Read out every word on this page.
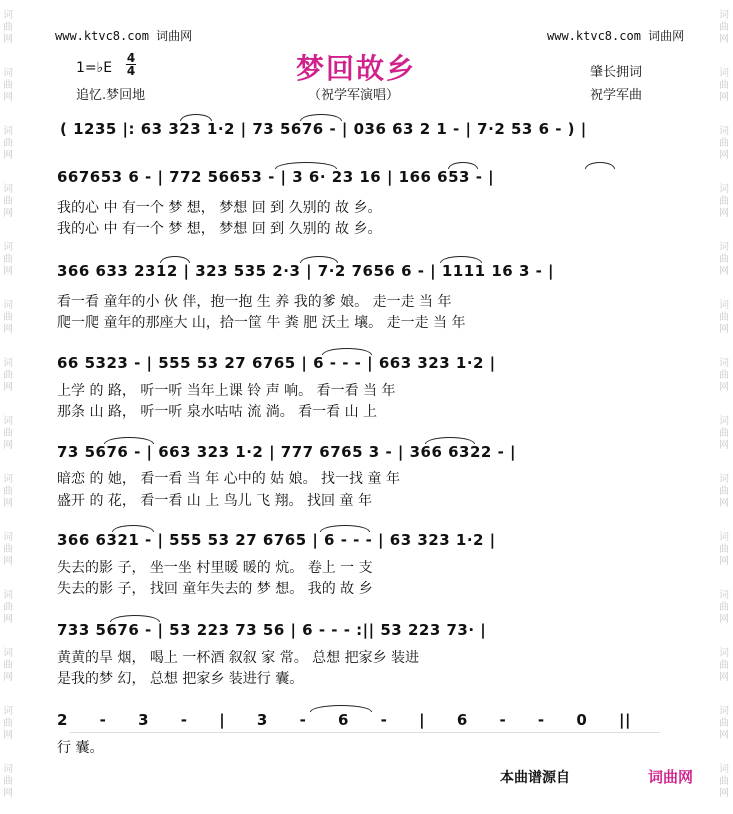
词
曲
网
词
曲
网
词
曲
网
词
曲
网
词
曲
网
词
曲
网
词
曲
网
词
曲
网
词
曲
网
词
曲
网
词
曲
网
词
曲
网
词
曲
网
词
曲
网
词
曲
网
词
曲
网
词
曲
网
词
曲
网
词
曲
网
词
曲
网
词
曲
网
词
曲
网
词
曲
网
词
曲
网
词
曲
网
词
曲
网
词
曲
网
词
曲
网
www.ktvc8.com 词曲网	www.ktvc8.com 词曲网
梦回故乡
1=♭E
4
4	肇长拥词
追忆.梦回地	（祝学军演唱）	祝学军曲
( 1235 |: 63 323 1·2 | 73 5676 - | 036 63 2 1 - | 7·2 53 6 - ) |
667653 6 - | 772 56653 - | 3 6· 23 16 | 166 653 - |
我的心 中 有一个 梦 想， 梦想 回 到 久别的 故 乡。
我的心 中 有一个 梦 想， 梦想 回 到 久别的 故 乡。
366 633 2312 | 323 535 2·3 | 7·2 7656 6 - | 1111 16 3 - |
看一看 童年的小 伙 伴，抱一抱 生 养 我的爹 娘。 走一走 当 年
爬一爬 童年的那座大 山，拾一筐 牛 粪 肥 沃土 壤。 走一走 当 年
66 5323 - | 555 53 27 6765 | 6 - - - | 663 323 1·2 |
上学 的 路， 听一听 当年上课 铃 声 响。 看一看 当 年
那条 山 路， 听一听 泉水咕咕 流 淌。 看一看 山 上
73 5676 - | 663 323 1·2 | 777 6765 3 - | 366 6322 - |
暗恋 的 她， 看一看 当 年 心中的 姑 娘。 找一找 童 年
盛开 的 花， 看一看 山 上 鸟儿 飞 翔。 找回 童 年
366 6321 - | 555 53 27 6765 | 6 - - - | 63 323 1·2 |
失去的影 子， 坐一坐 村里暖 暖的 炕。 卷上 一 支
失去的影 子， 找回 童年失去的 梦 想。 我的 故 乡
733 5676 - | 53 223 73 56 | 6 - - - :|| 53 223 73· |
黄黄的旱 烟， 喝上 一杯酒 叙叙 家 常。 总想 把家乡 装进
是我的梦 幻， 总想 把家乡 装进行 囊。
2 - 3 - | 3 - 6 - | 6 - - 0 ||
行 囊。
本曲谱源自	词曲网
